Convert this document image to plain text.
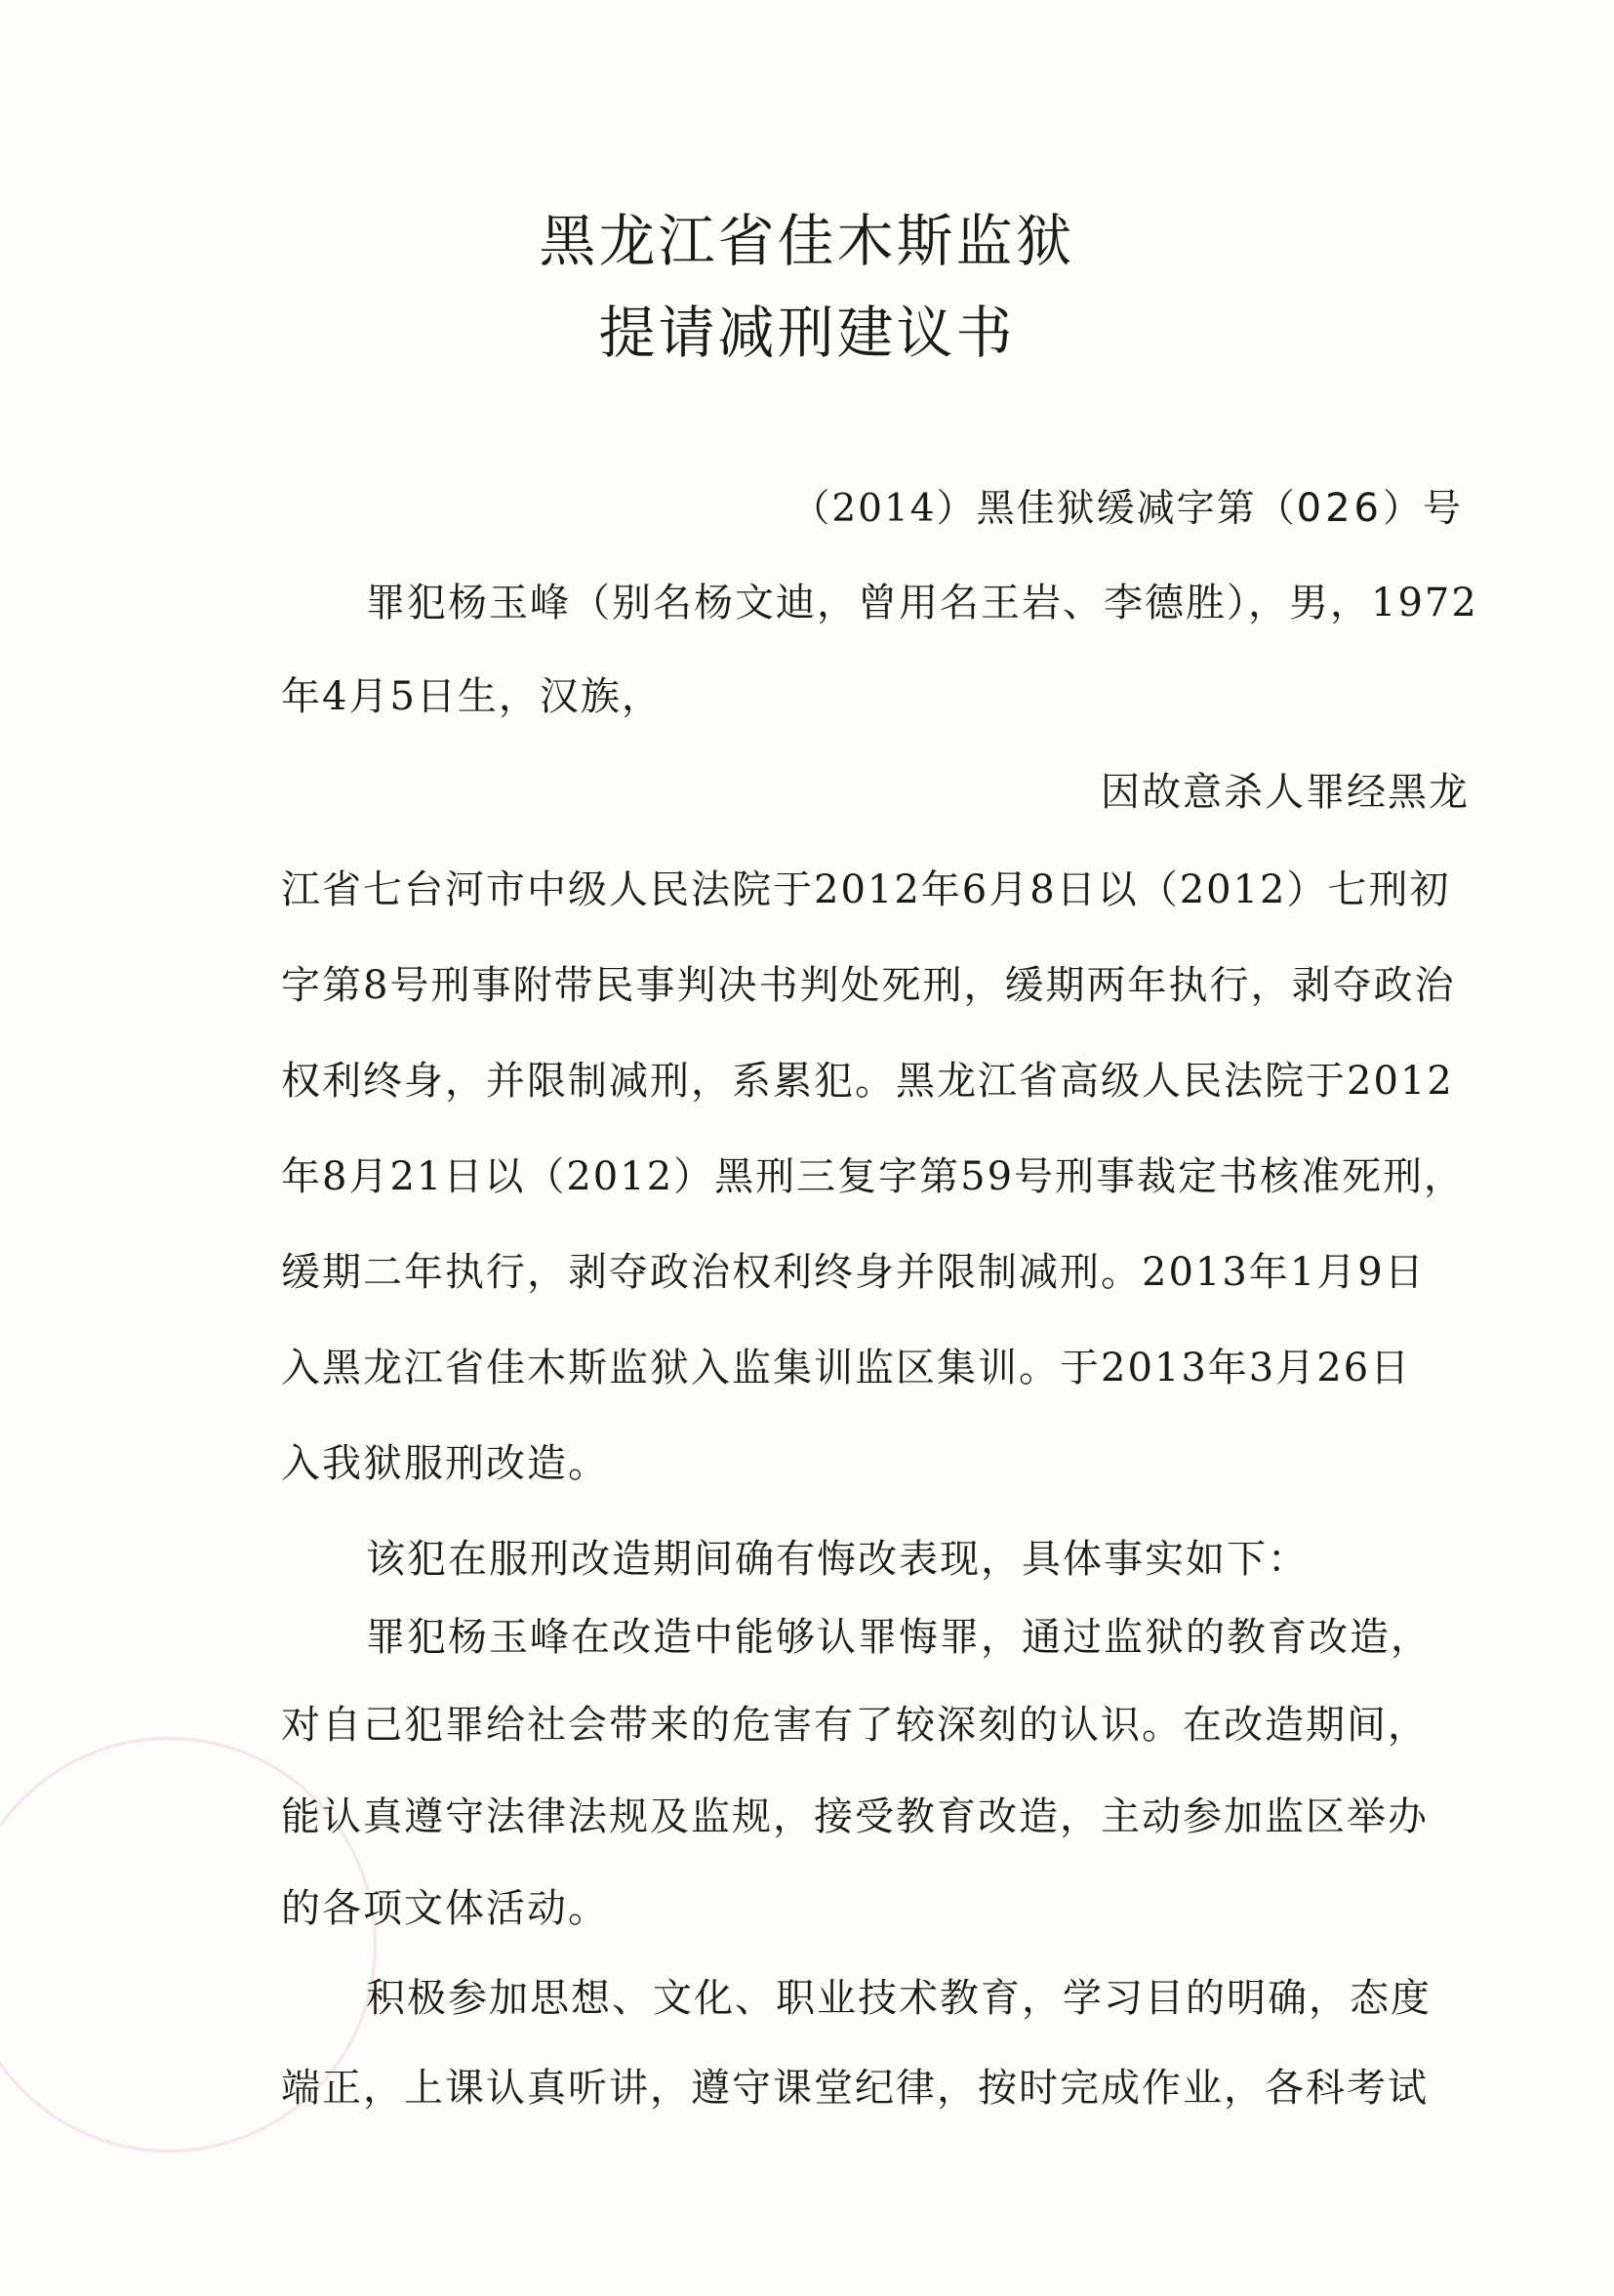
黑龙江省佳木斯监狱
提请减刑建议书
（2014）黑佳狱缓减字第（026）号
罪犯杨玉峰（别名杨文迪，曾用名王岩、李德胜），男，1972
年4月5日生，汉族，
因故意杀人罪经黑龙
江省七台河市中级人民法院于2012年6月8日以（2012）七刑初
字第8号刑事附带民事判决书判处死刑，缓期两年执行，剥夺政治
权利终身，并限制减刑，系累犯。黑龙江省高级人民法院于2012
年8月21日以（2012）黑刑三复字第59号刑事裁定书核准死刑，
缓期二年执行，剥夺政治权利终身并限制减刑。2013年1月9日
入黑龙江省佳木斯监狱入监集训监区集训。于2013年3月26日
入我狱服刑改造。
该犯在服刑改造期间确有悔改表现，具体事实如下：
罪犯杨玉峰在改造中能够认罪悔罪，通过监狱的教育改造，
对自己犯罪给社会带来的危害有了较深刻的认识。在改造期间，
能认真遵守法律法规及监规，接受教育改造，主动参加监区举办
的各项文体活动。
积极参加思想、文化、职业技术教育，学习目的明确，态度
端正，上课认真听讲，遵守课堂纪律，按时完成作业，各科考试
